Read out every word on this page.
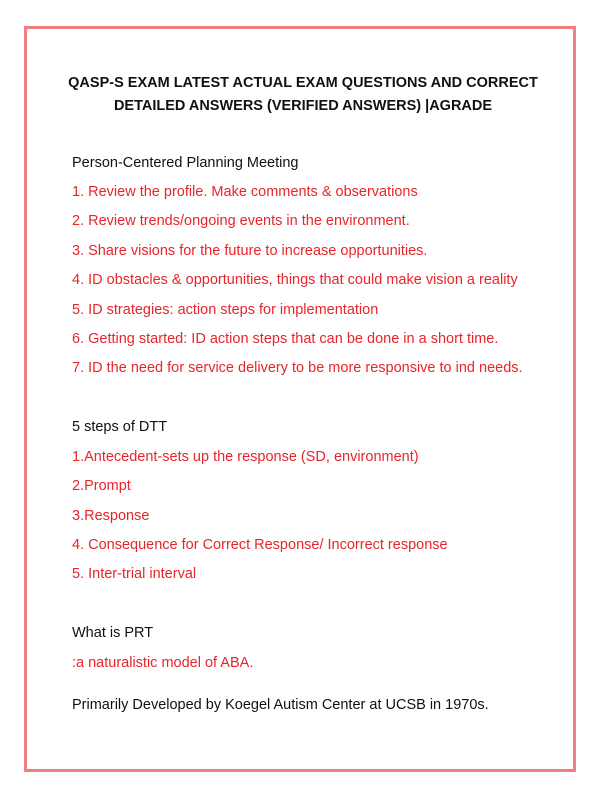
QASP-S EXAM LATEST ACTUAL EXAM QUESTIONS AND CORRECT
DETAILED ANSWERS (VERIFIED ANSWERS) |AGRADE
Person-Centered Planning Meeting
1. Review the profile. Make comments & observations
2. Review trends/ongoing events in the environment.
3. Share visions for the future to increase opportunities.
4. ID obstacles & opportunities, things that could make vision a reality
5. ID strategies: action steps for implementation
6. Getting started: ID action steps that can be done in a short time.
7. ID the need for service delivery to be more responsive to ind needs.
5 steps of DTT
1.Antecedent-sets up the response (SD, environment)
2.Prompt
3.Response
4. Consequence for Correct Response/ Incorrect response
5. Inter-trial interval
What is PRT
:a naturalistic model of ABA.
Primarily Developed by Koegel Autism Center at UCSB in 1970s.
